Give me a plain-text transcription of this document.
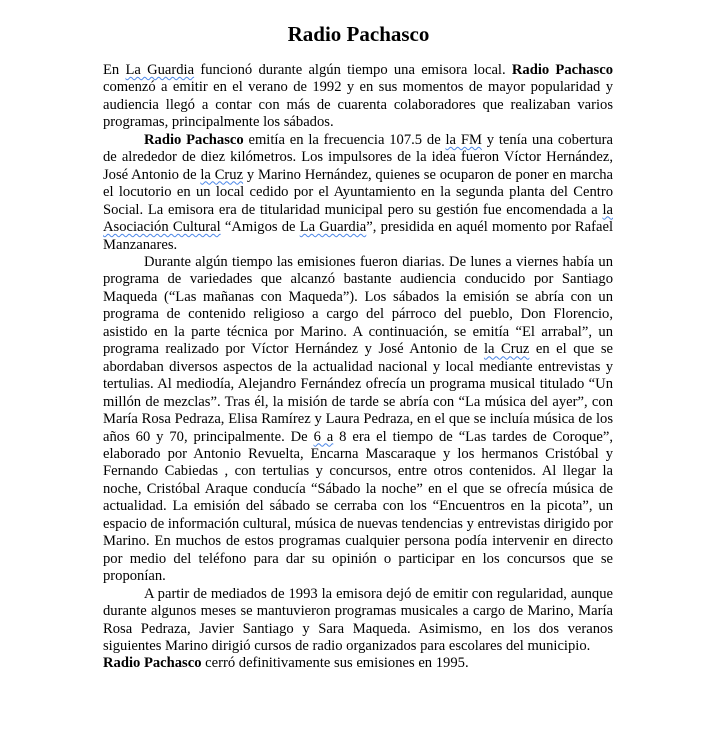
Radio Pachasco

En La Guardia funcionó durante algún tiempo una emisora local. Radio Pachasco comenzó a emitir en el verano de 1992 y en sus momentos de mayor popularidad y audiencia llegó a contar con más de cuarenta colaboradores que realizaban varios programas, principalmente los sábados.

Radio Pachasco emitía en la frecuencia 107.5 de la FM y tenía una cobertura de alrededor de diez kilómetros. Los impulsores de la idea fueron Víctor Hernández, José Antonio de la Cruz y Marino Hernández, quienes se ocuparon de poner en marcha el locutorio en un local cedido por el Ayuntamiento en la segunda planta del Centro Social. La emisora era de titularidad municipal pero su gestión fue encomendada a la Asociación Cultural “Amigos de La Guardia”, presidida en aquél momento por Rafael Manzanares.

Durante algún tiempo las emisiones fueron diarias. De lunes a viernes había un programa de variedades que alcanzó bastante audiencia conducido por Santiago Maqueda (“Las mañanas con Maqueda”). Los sábados la emisión se abría con un programa de contenido religioso a cargo del párroco del pueblo, Don Florencio, asistido en la parte técnica por Marino. A continuación, se emitía “El arrabal”, un programa realizado por Víctor Hernández y José Antonio de la Cruz en el que se abordaban diversos aspectos de la actualidad nacional y local mediante entrevistas y tertulias. Al mediodía, Alejandro Fernández ofrecía un programa musical titulado “Un millón de mezclas”. Tras él, la misión de tarde se abría con “La música del ayer”, con María Rosa Pedraza, Elisa Ramírez y Laura Pedraza, en el que se incluía música de los años 60 y 70, principalmente. De 6 a 8 era el tiempo de “Las tardes de Coroque”, elaborado por Antonio Revuelta, Encarna Mascaraque y los hermanos Cristóbal y Fernando Cabiedas , con tertulias y concursos, entre otros contenidos. Al llegar la noche, Cristóbal Araque conducía “Sábado la noche” en el que se ofrecía música de actualidad. La emisión del sábado se cerraba con los “Encuentros en la picota”, un espacio de información cultural, música de nuevas tendencias y entrevistas dirigido por Marino. En muchos de estos programas cualquier persona podía intervenir en directo por medio del teléfono para dar su opinión o participar en los concursos que se proponían.

A partir de mediados de 1993 la emisora dejó de emitir con regularidad, aunque durante algunos meses se mantuvieron programas musicales a cargo de Marino, María Rosa Pedraza, Javier Santiago y Sara Maqueda. Asimismo, en los dos veranos siguientes Marino dirigió cursos de radio organizados para escolares del municipio.

Radio Pachasco cerró definitivamente sus emisiones en 1995.
